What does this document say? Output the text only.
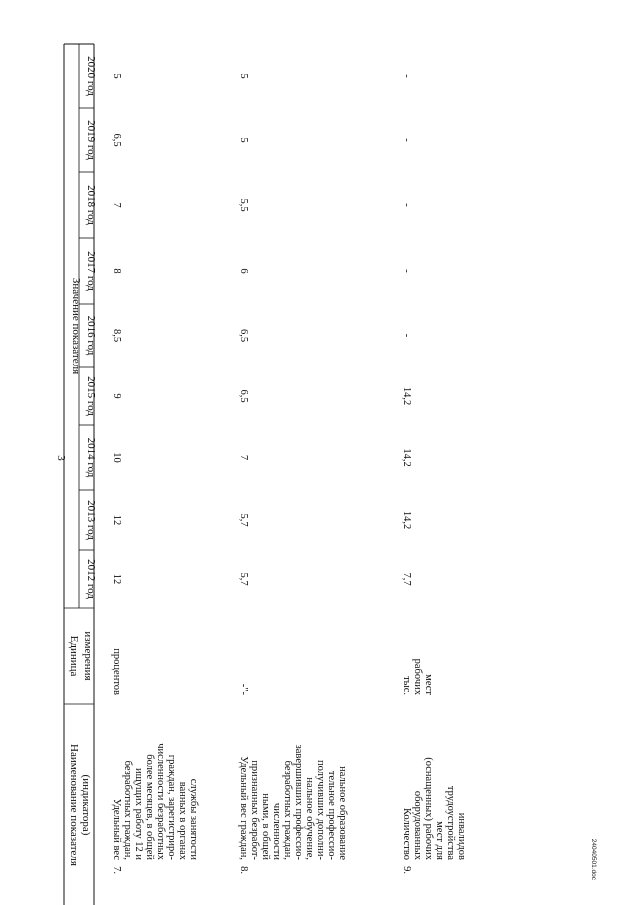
3
Наименование показателя (индикатора)
Единица измерения
Значение показателя
2012 год
2013 год
2014 год
2015 год
2016 год
2017 год
2018 год
2019 год
2020 год
7.
Удельный вес безработных граждан, ищущих работу 12 и более месяцев, в общей численности безработных граждан, зарегистриро- ванных в органах службы занятости
процентов
12
12
10
9
8,5
8
7
6,5
5
8.
Удельный вес граждан, признанных безработ- ными, в общей численности безработных граждан, завершивших профессио- нальное обучение, получивших дополни- тельное профессио- нальное образование
-"-
5,7
5,7
7
6,5
6,5
6
5,5
5
5
9.
Количество оборудованных (оснащенных) рабочих мест для трудоустройства инвалидов
тыс. рабочих мест
7,7
14,2
14,2
14,2
-
-
-
-
-
24040501.doc
